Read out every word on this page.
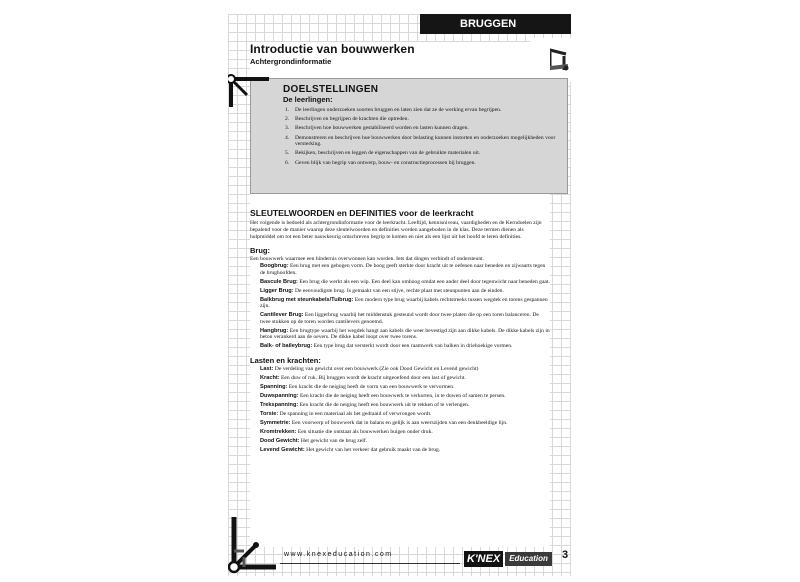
BRUGGEN
Introductie van bouwwerken

Achtergrondinformatie

DOELSTELLINGEN

De leerlingen:

1.	De leerlingen onderzoeken soorten bruggen en laten zien dat ze de werking ervan begrijpen.
2.	Beschrijven en begrijpen de krachten die optreden.
3.	Beschrijven hoe bouwwerken gestabiliseerd worden en lasten kunnen dragen.
4.	Demonstreren en beschrijven hoe bouwwerken door belasting kunnen instorten en onderzoeken mogelijkheden voor versterking.
5.	Bekijken, beschrijven en leggen de eigenschappen van de gebruikte materialen uit.
6.	Geven blijk van begrip van ontwerp, bouw- en constructieprocessen bij bruggen.
SLEUTELWOORDEN en DEFINITIES voor de leerkracht

Het volgende is bedoeld als achtergrondinformatie voor de leerkracht. Leeftijd, kennisniveau, vaardigheden en de Kerndoelen zijn bepalend voor de manier waarop deze sleutelwoorden en definities worden aangeboden in de klas. Deze termen dienen als hulpmiddel om tot een beter nauwkeurig omschreven begrip te komen en niet als een lijst uit het hoofd te leren definities.

Brug:

Een bouwwerk waarmee een hindernis overwonnen kan worden. Iets dat dingen verbindt of ondersteunt.

Boogbrug: Een brug met een gebogen vorm. De boog geeft sterkte door kracht uit te oefenen naar beneden en zijwaarts tegen de brughoofden.

Bascule Brug: Een brug die werkt als een wip. Een deel kan omhoog omdat een ander deel door tegenwicht naar beneden gaat.

Ligger Brug: De eenvoudigste brug. Is gemaakt van een stijve, rechte plaat met steunpunten aan de einden.

Balkbrug met steunkabels/Tuibrug: Een modern type brug waarbij kabels rechtstreeks tussen wegdek en torens gespannen zijn.

Cantilever Brug: Een liggerbrug waarbij het middenstuk gesteund wordt door twee platen die op een toren balanceren. De twee stukken op de toren worden cantilevers genoemd.

Hangbrug: Een brugtype waarbij het wegdek hangt aan kabels die weer bevestigd zijn aan dikke kabels. De dikke kabels zijn in beton verankerd aan de oevers. De dikke kabel loopt over twee torens.

Balk- of baileybrug: Een type brug dat versterkt wordt door een raamwerk van balken in driehoekige vormen.

Lasten en krachten:

Last: De verdeling van gewicht over een bouwwerk.(Zie ook Dood Gewicht en Levend gewicht)

Kracht: Een duw of ruk. Bij bruggen wordt de kracht uitgeoefend door een last of gewicht.

Spanning: Een kracht die de neiging heeft de vorm van een bouwwerk te vervormen.

Duwspanning: Een kracht die de neiging heeft een bouwwerk te verkorten, in te duwen of samen te persen.

Trekspanning: Een kracht die de neiging heeft een bouwwerk uit te rekken of te verlengen.

Torsie: De spanning in een materiaal als het gedraaid of verwrongen wordt.

Symmetrie: Een voorwerp of bouwwerk dat in balans en gelijk is aan weerszijden van een denkbeeldige lijn.

Kromtrekken: Een situatie die ontstaat als bouwwerken buigen onder druk.

Dood Gewicht: Het gewicht van de brug zelf.

Levend Gewicht: Het gewicht van het verkeer dat gebruik maakt van de brug.

www.knexeducation.com	K'NEX	Education	3
